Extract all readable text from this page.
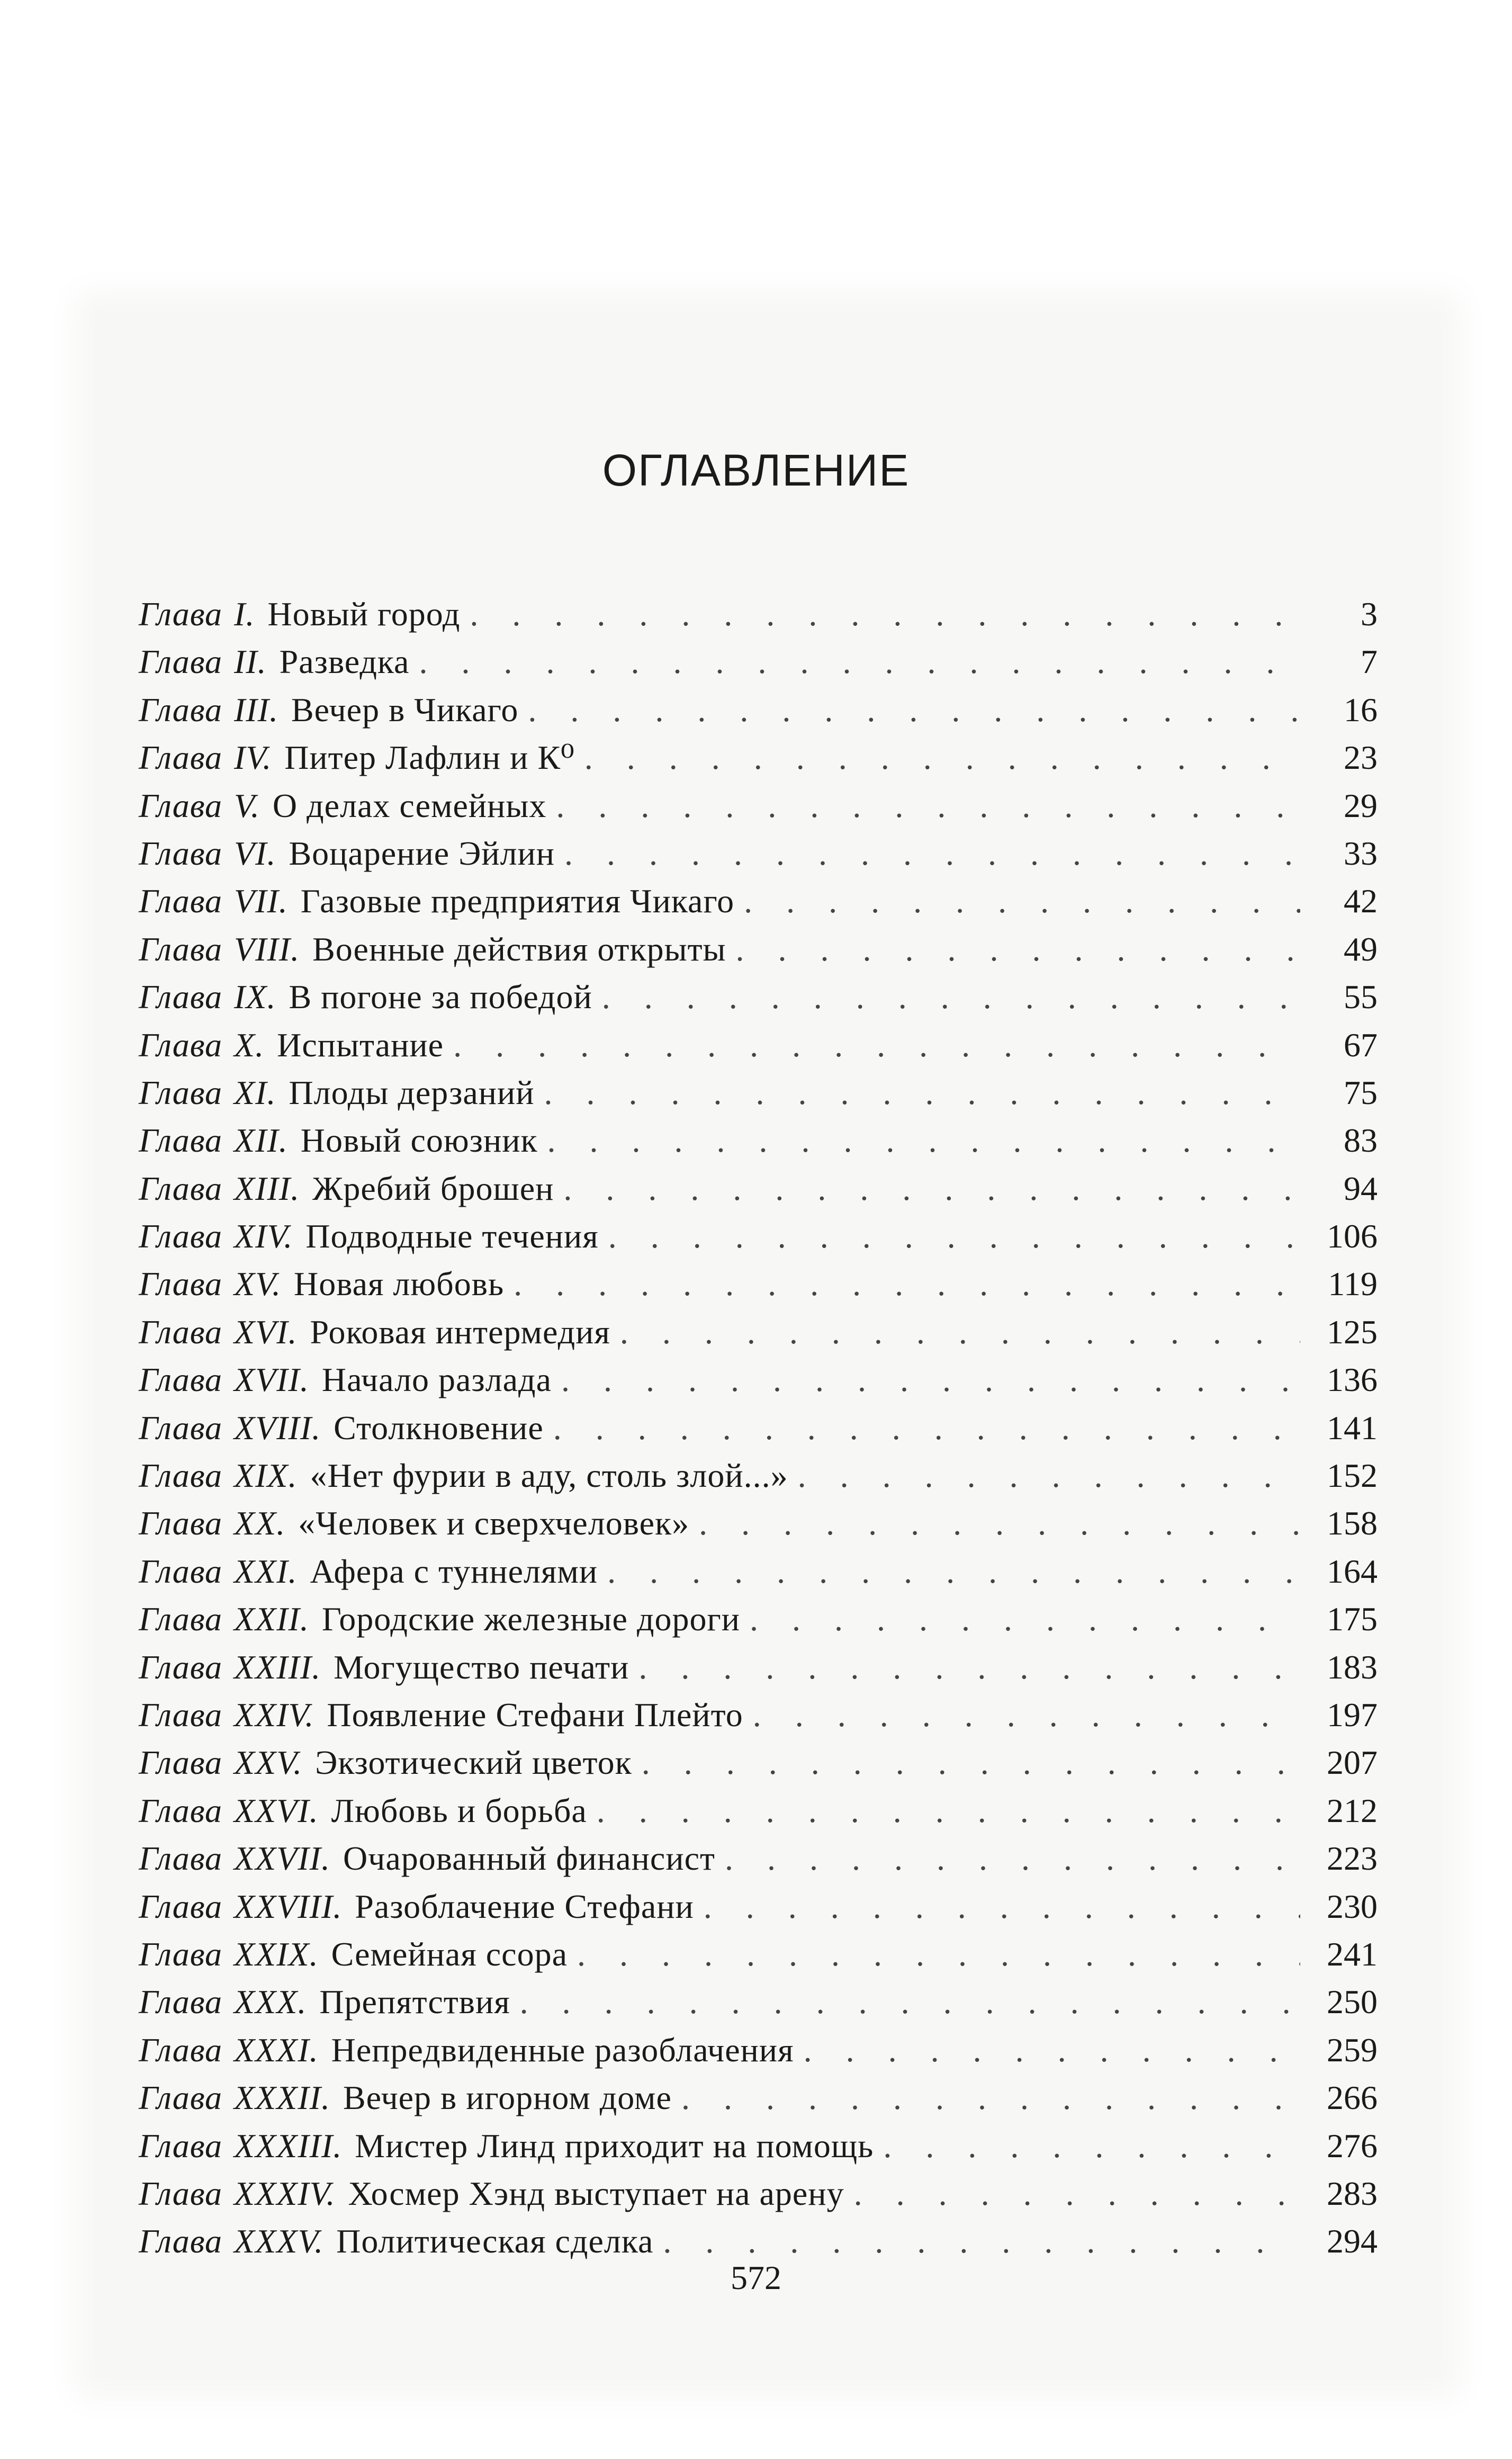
ОГЛАВЛЕНИЕ
Глава I. Новый город . . .	3
Глава II. Разведка . . .	7
Глава III. Вечер в Чикаго . . .	16
Глава IV. Питер Лафлин и К⁰ . . .	23
Глава V. О делах семейных . . .	29
Глава VI. Воцарение Эйлин . . .	33
Глава VII. Газовые предприятия Чикаго . . .	42
Глава VIII. Военные действия открыты . . .	49
Глава IX. В погоне за победой . . .	55
Глава X. Испытание . . .	67
Глава XI. Плоды дерзаний . . .	75
Глава XII. Новый союзник . . .	83
Глава XIII. Жребий брошен . . .	94
Глава XIV. Подводные течения . . .	106
Глава XV. Новая любовь . . .	119
Глава XVI. Роковая интермедия . . .	125
Глава XVII. Начало разлада . . .	136
Глава XVIII. Столкновение . . .	141
Глава XIX. «Нет фурии в аду, столь злой...» . . .	152
Глава XX. «Человек и сверхчеловек» . . .	158
Глава XXI. Афера с туннелями . . .	164
Глава XXII. Городские железные дороги . . .	175
Глава XXIII. Могущество печати . . .	183
Глава XXIV. Появление Стефани Плейто . . .	197
Глава XXV. Экзотический цветок . . .	207
Глава XXVI. Любовь и борьба . . .	212
Глава XXVII. Очарованный финансист . . .	223
Глава XXVIII. Разоблачение Стефани . . .	230
Глава XXIX. Семейная ссора . . .	241
Глава XXX. Препятствия . . .	250
Глава XXXI. Непредвиденные разоблачения . . .	259
Глава XXXII. Вечер в игорном доме . . .	266
Глава XXXIII. Мистер Линд приходит на помощь . . .	276
Глава XXXIV. Хосмер Хэнд выступает на арену . . .	283
Глава XXXV. Политическая сделка . . .	294
572
